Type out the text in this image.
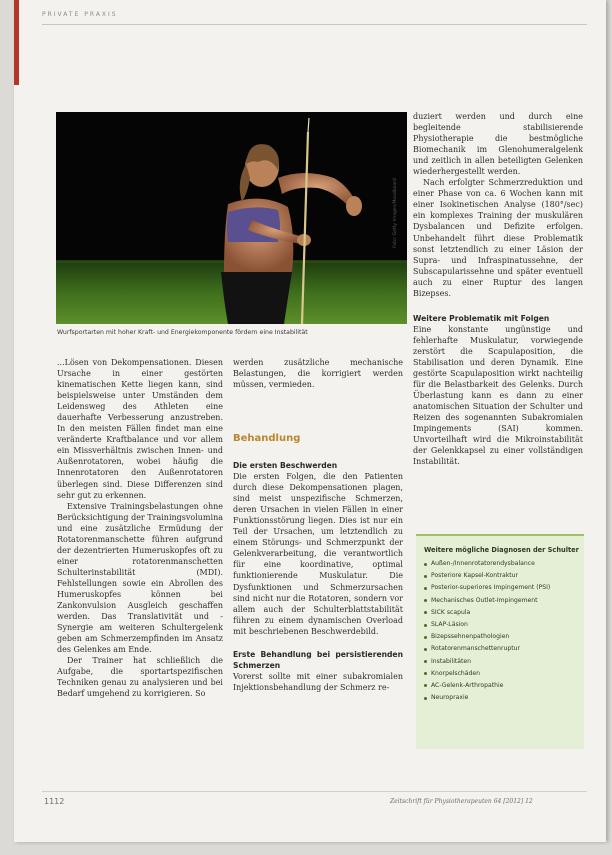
PRIVATE PRAXIS
Foto: Getty Images/Moodboard
Wurfsportarten mit hoher Kraft- und Energiekomponente fördern eine Instabilität

...Lösen von Dekompensationen. Diesen Ursache in einer gestörten kinematischen Kette liegen kann, sind beispielsweise unter Umständen dem Leidensweg des Athleten eine dauerhafte Verbesserung anzustreben. In den meisten Fällen findet man eine veränderte Kraftbalance und vor allem ein Missverhältnis zwischen Innen- und Außenrotatoren, wobei häufig die Innenrotatoren den Außenrotatoren überlegen sind. Diese Differenzen sind sehr gut zu erkennen.

Extensive Trainingsbelastungen ohne Berücksichtigung der Trainingsvolumina und eine zusätzliche Ermüdung der Rotatorenmanschette führen aufgrund der dezentrierten Humeruskopfes oft zu einer rotatorenmanschetten Schulterinstabilität (MDI). Fehlstellungen sowie ein Abrollen des Humeruskopfes können bei Zankonvulsion Ausgleich geschaffen werden. Das Translativität und -Synergie am weiteren Schultergelenk geben am Schmerzempfinden im Ansatz des Gelenkes am Ende.

Der Trainer hat schließlich die Aufgabe, die sportartspezifischen Techniken genau zu analysieren und bei Bedarf umgehend zu korrigieren. So

werden zusätzliche mechanische Belastungen, die korrigiert werden müssen, vermieden.

Behandlung

Die ersten Beschwerden

Die ersten Folgen, die den Patienten durch diese Dekompensationen plagen, sind meist unspezifische Schmerzen, deren Ursachen in vielen Fällen in einer Funktionsstörung liegen. Dies ist nur ein Teil der Ursachen, um letztendlich zu einem Störungs- und Schmerzpunkt der Gelenkverarbeitung, die verantwortlich für eine koordinative, optimal funktionierende Muskulatur. Die Dysfunktionen und Schmerzursachen sind nicht nur die Rotatoren, sondern vor allem auch der Schulterblattstabilität führen zu einem dynamischen Overload mit beschriebenen Beschwerdebild.

Erste Behandlung bei persistierenden Schmerzen

Vorerst sollte mit einer subakromialen Injektionsbehandlung der Schmerz re-

duziert werden und durch eine begleitende stabilisierende Physiotherapie die bestmögliche Biomechanik im Glenohumeralgelenk und zeitlich in allen beteiligten Gelenken wiederhergestellt werden.

Nach erfolgter Schmerzreduktion und einer Phase von ca. 6 Wochen kann mit einer Isokinetischen Analyse (180°/sec) ein komplexes Training der muskulären Dysbalancen und Defizite erfolgen. Unbehandelt führt diese Problematik sonst letztendlich zu einer Läsion der Supra- und Infraspinatussehne, der Subscapularissehne und später eventuell auch zu einer Ruptur des langen Bizepses.

Weitere Problematik mit Folgen

Eine konstante ungünstige und fehlerhafte Muskulatur, vorwiegende zerstört die Scapulaposition, die Stabilisation und deren Dynamik. Eine gestörte Scapulaposition wirkt nachteilig für die Belastbarkeit des Gelenks. Durch Überlastung kann es dann zu einer anatomischen Situation der Schulter und Reizen des sogenannten Subakromialen Impingements (SAI) kommen. Unvorteilhaft wird die Mikroinstabilität der Gelenkkapsel zu einer vollständigen Instabilität.

Weitere mögliche Diagnosen der Schulter
Außen-/Innenrotatorendysbalance
Posteriore Kapsel-Kontraktur
Posterior-superiores Impingement (PSI)
Mechanisches Outlet-Impingement
SICK scapula
SLAP-Läsion
Bizepssehnenpathologien
Rotatorenmanschettenruptur
Instabilitäten
Knorpelschäden
AC-Gelenk-Arthropathie
Neuropraxie
1112	Zeitschrift für Physiotherapeuten 64 [2012] 12
